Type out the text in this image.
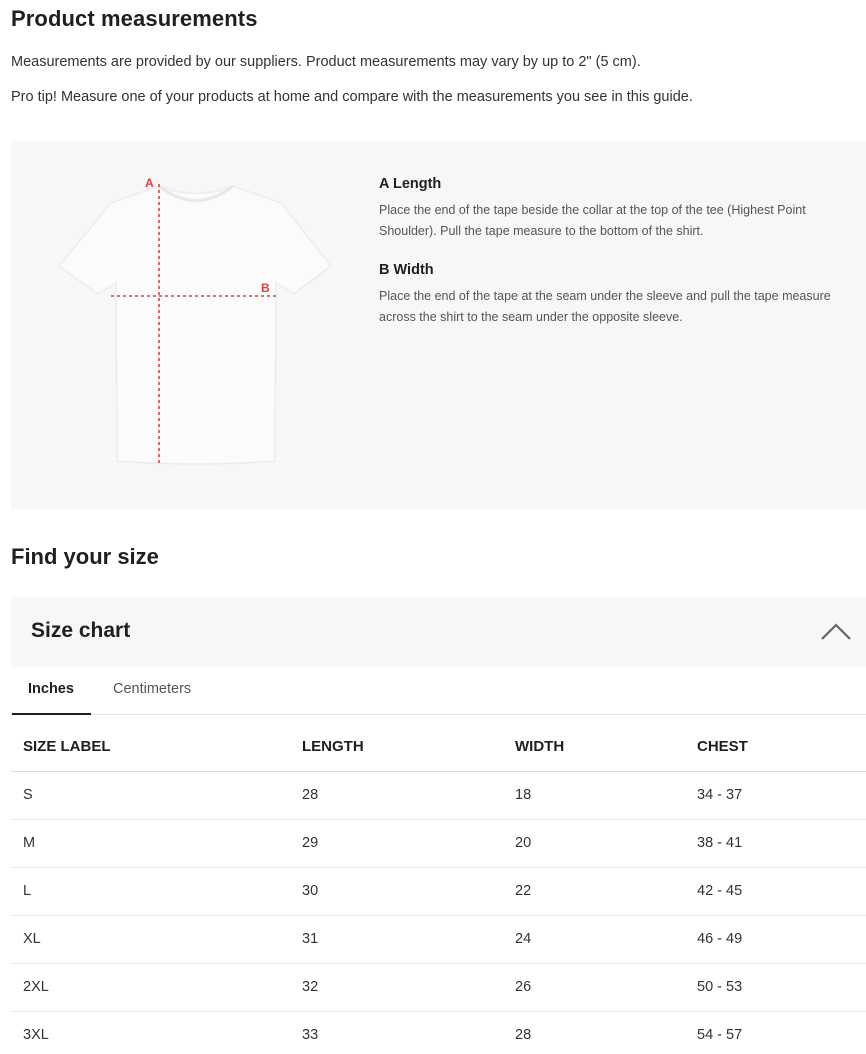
Product measurements
Measurements are provided by our suppliers. Product measurements may vary by up to 2" (5 cm).
Pro tip! Measure one of your products at home and compare with the measurements you see in this guide.
A
B
A Length
Place the end of the tape beside the collar at the top of the tee (Highest Point Shoulder). Pull the tape measure to the bottom of the shirt.
B Width
Place the end of the tape at the seam under the sleeve and pull the tape measure across the shirt to the seam under the opposite sleeve.
Find your size
Size chart
Inches	Centimeters
SIZE LABEL	LENGTH	WIDTH	CHEST
S	28	18	34 - 37
M	29	20	38 - 41
L	30	22	42 - 45
XL	31	24	46 - 49
2XL	32	26	50 - 53
3XL	33	28	54 - 57
